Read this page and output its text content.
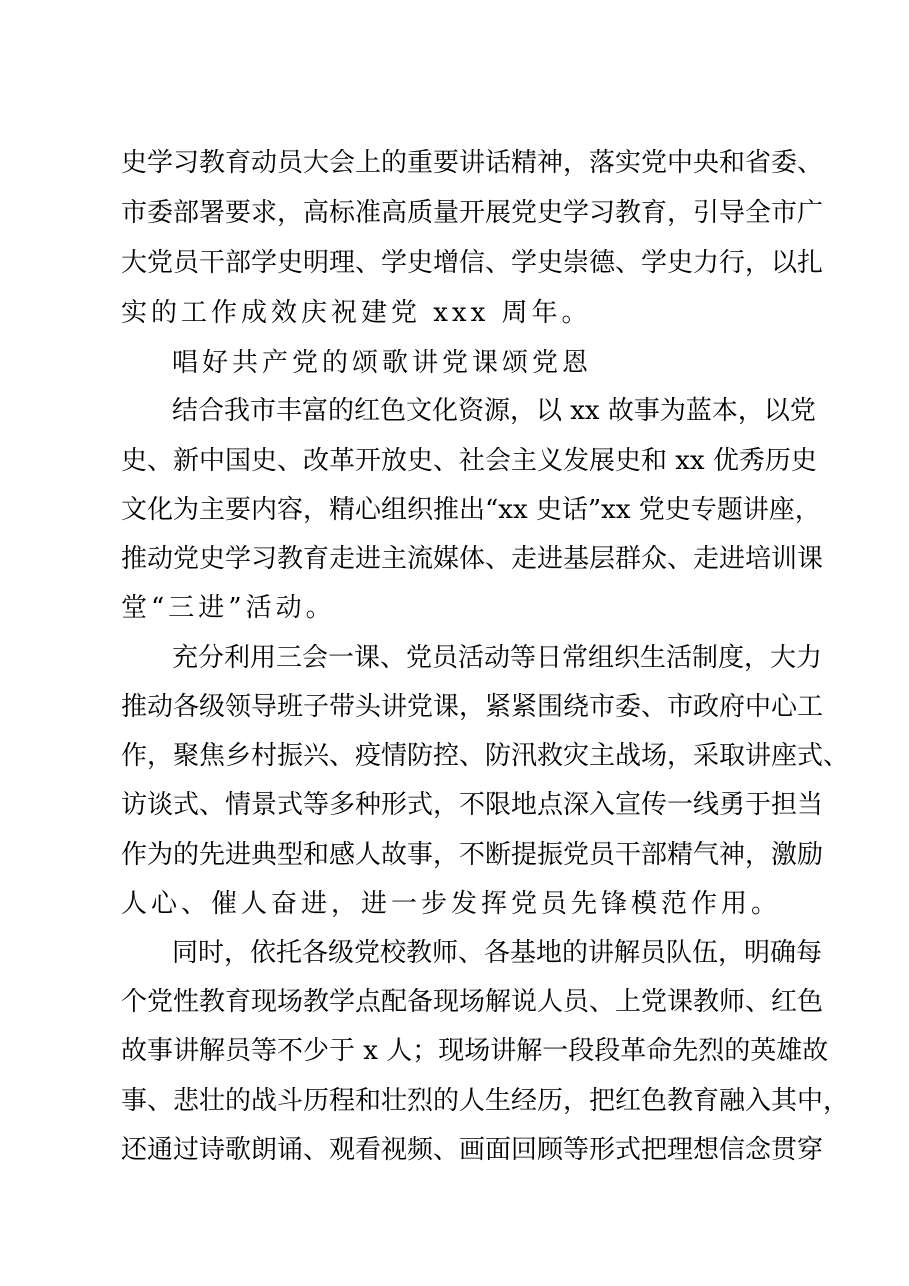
史学习教育动员大会上的重要讲话精神，落实党中央和省委、
市委部署要求，高标准高质量开展党史学习教育，引导全市广
大党员干部学史明理、学史增信、学史崇德、学史力行，以扎
实的工作成效庆祝建党 xxx 周年。
唱好共产党的颂歌讲党课颂党恩
结合我市丰富的红色文化资源，以 xx 故事为蓝本，以党
史、新中国史、改革开放史、社会主义发展史和 xx 优秀历史
文化为主要内容，精心组织推出“xx 史话”xx 党史专题讲座，
推动党史学习教育走进主流媒体、走进基层群众、走进培训课
堂“三进”活动。
充分利用三会一课、党员活动等日常组织生活制度，大力
推动各级领导班子带头讲党课，紧紧围绕市委、市政府中心工
作，聚焦乡村振兴、疫情防控、防汛救灾主战场，采取讲座式、
访谈式、情景式等多种形式，不限地点深入宣传一线勇于担当
作为的先进典型和感人故事，不断提振党员干部精气神，激励
人心、催人奋进，进一步发挥党员先锋模范作用。
同时，依托各级党校教师、各基地的讲解员队伍，明确每
个党性教育现场教学点配备现场解说人员、上党课教师、红色
故事讲解员等不少于 x 人；现场讲解一段段革命先烈的英雄故
事、悲壮的战斗历程和壮烈的人生经历，把红色教育融入其中，
还通过诗歌朗诵、观看视频、画面回顾等形式把理想信念贯穿
